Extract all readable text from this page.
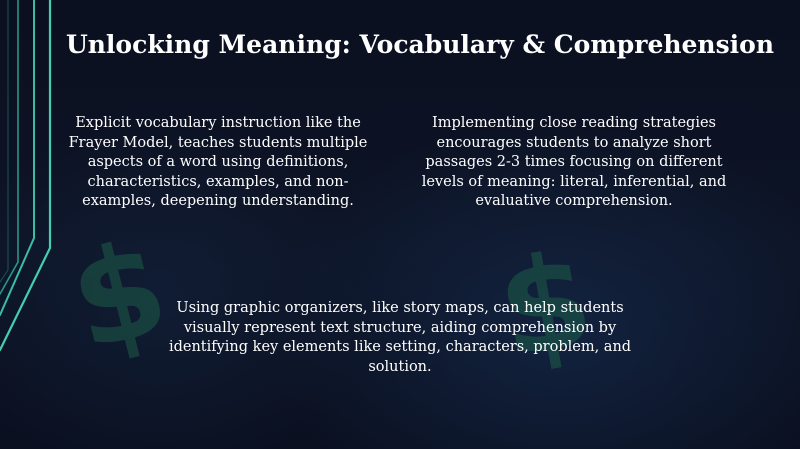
$ $
Unlocking Meaning: Vocabulary & Comprehension

Explicit vocabulary instruction like the Frayer Model, teaches students multiple aspects of a word using definitions, characteristics, examples, and non-examples, deepening understanding.

Implementing close reading strategies encourages students to analyze short passages 2-3 times focusing on different levels of meaning: literal, inferential, and evaluative comprehension.

Using graphic organizers, like story maps, can help students visually represent text structure, aiding comprehension by identifying key elements like setting, characters, problem, and solution.
